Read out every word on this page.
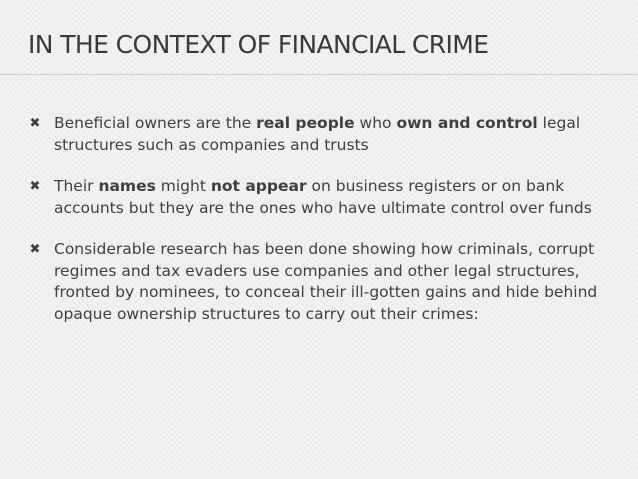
IN THE CONTEXT OF FINANCIAL CRIME
✖ Beneficial owners are the real people who own and control legal structures such as companies and trusts
✖ Their names might not appear on business registers or on bank accounts but they are the ones who have ultimate control over funds
✖ Considerable research has been done showing how criminals, corrupt regimes and tax evaders use companies and other legal structures, fronted by nominees, to conceal their ill-gotten gains and hide behind opaque ownership structures to carry out their crimes:
